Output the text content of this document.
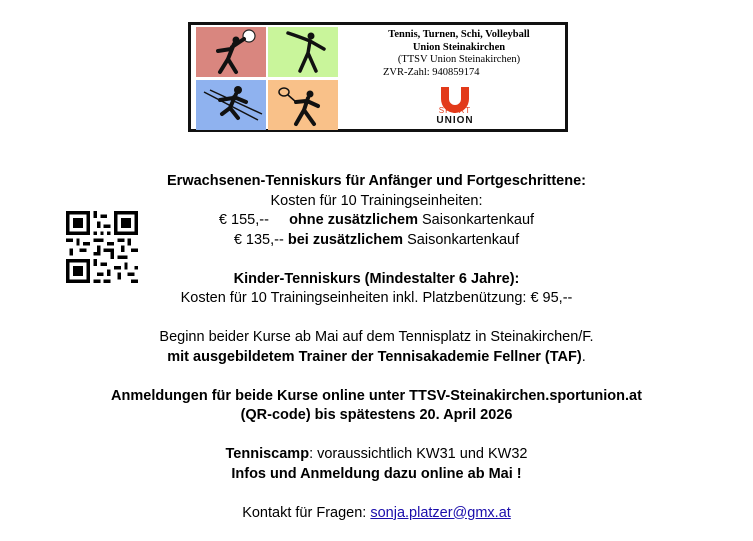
Tennis, Turnen, Schi, Volleyball
Union Steinakirchen
(TTSV Union Steinakirchen)
ZVR-Zahl: 940859174
SPORT
UNION

Erwachsenen-Tenniskurs für Anfänger und Fortgeschrittene:

Kosten für 10 Trainingseinheiten:

€ 155,-- ohne zusätzlichem Saisonkartenkauf

€ 135,-- bei zusätzlichem Saisonkartenkauf

Kinder-Tenniskurs (Mindestalter 6 Jahre):

Kosten für 10 Trainingseinheiten inkl. Platzbenützung: € 95,--

Beginn beider Kurse ab Mai auf dem Tennisplatz in Steinakirchen/F.

mit ausgebildetem Trainer der Tennisakademie Fellner (TAF).

Anmeldungen für beide Kurse online unter TTSV-Steinakirchen.sportunion.at

(QR-code) bis spätestens 20. April 2026

Tenniscamp: voraussichtlich KW31 und KW32

Infos und Anmeldung dazu online ab Mai !

Kontakt für Fragen: sonja.platzer@gmx.at
